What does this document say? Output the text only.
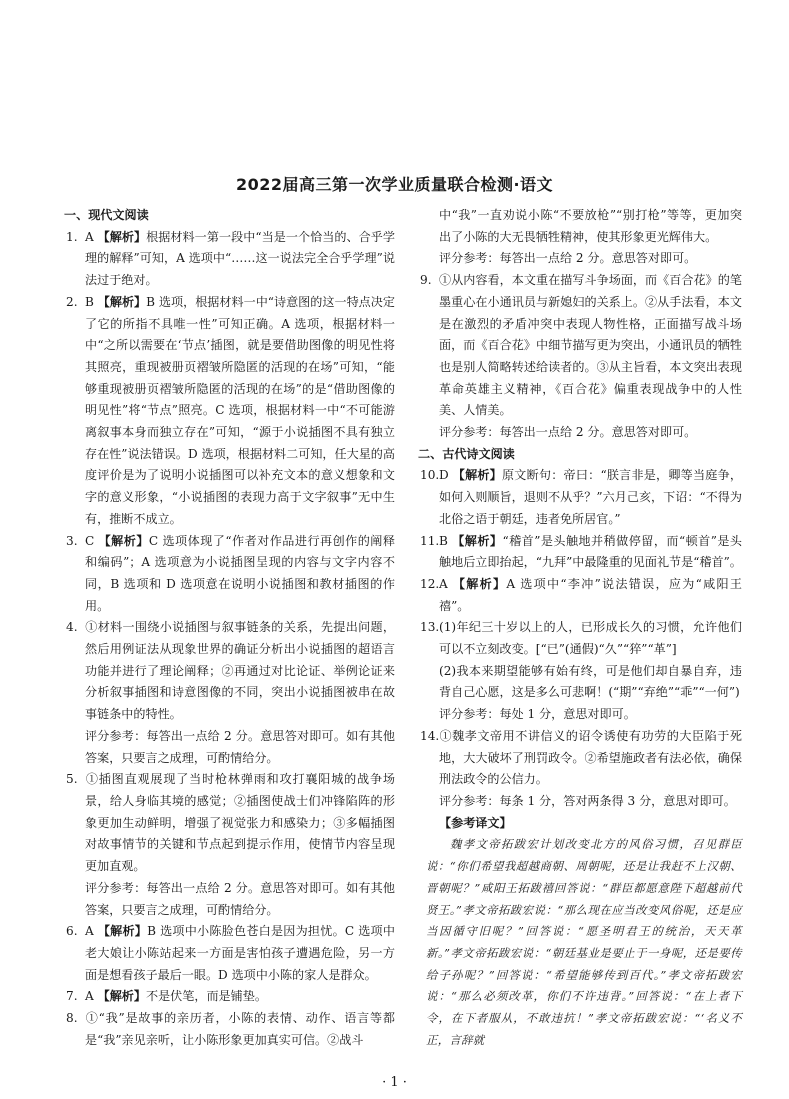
2022届高三第一次学业质量联合检测·语文
一、现代文阅读
1. A 【解析】根据材料一第一段中“当是一个恰当的、合乎学理的解释”可知，A 选项中“……这一说法完全合乎学理”说法过于绝对。
2. B 【解析】B 选项，根据材料一中“诗意图的这一特点决定了它的所指不具唯一性”可知正确。A 选项，根据材料一中“之所以需要在‘节点’插图，就是要借助图像的明见性将其照亮，重现被册页褶皱所隐匿的活现的在场”可知，“能够重现被册页褶皱所隐匿的活现的在场”的是“借助图像的明见性”将“节点”照亮。C 选项，根据材料一中“不可能游离叙事本身而独立存在”可知，“源于小说插图不具有独立存在性”说法错误。D 选项，根据材料二可知，任大星的高度评价是为了说明小说插图可以补充文本的意义想象和文字的意义形象，“小说插图的表现力高于文字叙事”无中生有，推断不成立。
3. C 【解析】C 选项体现了“作者对作品进行再创作的阐释和编码”；A 选项意为小说插图呈现的内容与文字内容不同，B 选项和 D 选项意在说明小说插图和教材插图的作用。
4. ①材料一围绕小说插图与叙事链条的关系，先提出问题，然后用例证法从现象世界的确证分析出小说插图的超语言功能并进行了理论阐释；②再通过对比论证、举例论证来分析叙事插图和诗意图像的不同，突出小说插图被串在故事链条中的特性。
评分参考：每答出一点给 2 分。意思答对即可。如有其他答案，只要言之成理，可酌情给分。
5. ①插图直观展现了当时枪林弹雨和攻打襄阳城的战争场景，给人身临其境的感觉；②插图使战士们冲锋陷阵的形象更加生动鲜明，增强了视觉张力和感染力；③多幅插图对故事情节的关键和节点起到提示作用，使情节内容呈现更加直观。
评分参考：每答出一点给 2 分。意思答对即可。如有其他答案，只要言之成理，可酌情给分。
6. A 【解析】B 选项中小陈脸色苍白是因为担忧。C 选项中老大娘让小陈站起来一方面是害怕孩子遭遇危险，另一方面是想看孩子最后一眼。D 选项中小陈的家人是群众。
7. A 【解析】不是伏笔，而是铺垫。
8. ①“我”是故事的亲历者，小陈的表情、动作、语言等都是“我”亲见亲听，让小陈形象更加真实可信。②战斗
中“我”一直劝说小陈“不要放枪”“别打枪”等等，更加突出了小陈的大无畏牺牲精神，使其形象更光辉伟大。
评分参考：每答出一点给 2 分。意思答对即可。
9. ①从内容看，本文重在描写斗争场面，而《百合花》的笔墨重心在小通讯员与新媳妇的关系上。②从手法看，本文是在激烈的矛盾冲突中表现人物性格，正面描写战斗场面，而《百合花》中细节描写更为突出，小通讯员的牺牲也是别人简略转述给读者的。③从主旨看，本文突出表现革命英雄主义精神，《百合花》偏重表现战争中的人性美、人情美。
评分参考：每答出一点给 2 分。意思答对即可。
二、古代诗文阅读
10.D 【解析】原文断句：帝曰：“朕言非是，卿等当庭争，如何入则顺旨，退则不从乎？”六月己亥，下诏：“不得为北俗之语于朝廷，违者免所居官。”
11.B 【解析】“稽首”是头触地并稍做停留，而“顿首”是头触地后立即抬起，“九拜”中最隆重的见面礼节是“稽首”。
12.A 【解析】A 选项中“李冲”说法错误，应为“咸阳王禧”。
13.(1)年纪三十岁以上的人，已形成长久的习惯，允许他们可以不立刻改变。[“已”(通假)“久”“猝”“革”]
(2)我本来期望能够有始有终，可是他们却自暴自弃，违背自己心愿，这是多么可悲啊！(“期”“弃绝”“乖”“一何”)
评分参考：每处 1 分，意思对即可。
14.①魏孝文帝用不讲信义的诏令诱使有功劳的大臣陷于死地，大大破坏了刑罚政令。②希望施政者有法必依，确保刑法政令的公信力。
评分参考：每条 1 分，答对两条得 3 分，意思对即可。
【参考译文】
魏孝文帝拓跋宏计划改变北方的风俗习惯，召见群臣说：“你们希望我超越商朝、周朝呢，还是让我赶不上汉朝、晋朝呢？”咸阳王拓跋禧回答说：“群臣都愿意陛下超越前代贤王。”孝文帝拓跋宏说：“那么现在应当改变风俗呢，还是应当因循守旧呢？”回答说：“愿圣明君王的统治，天天革新。”孝文帝拓跋宏说：“朝廷基业是要止于一身呢，还是要传给子孙呢？”回答说：“希望能够传到百代。”孝文帝拓跋宏说：“那么必须改革，你们不许违背。”回答说：“在上者下令，在下者服从，不敢违抗！”孝文帝拓跋宏说：“‘名义不正，言辞就
· 1 ·
